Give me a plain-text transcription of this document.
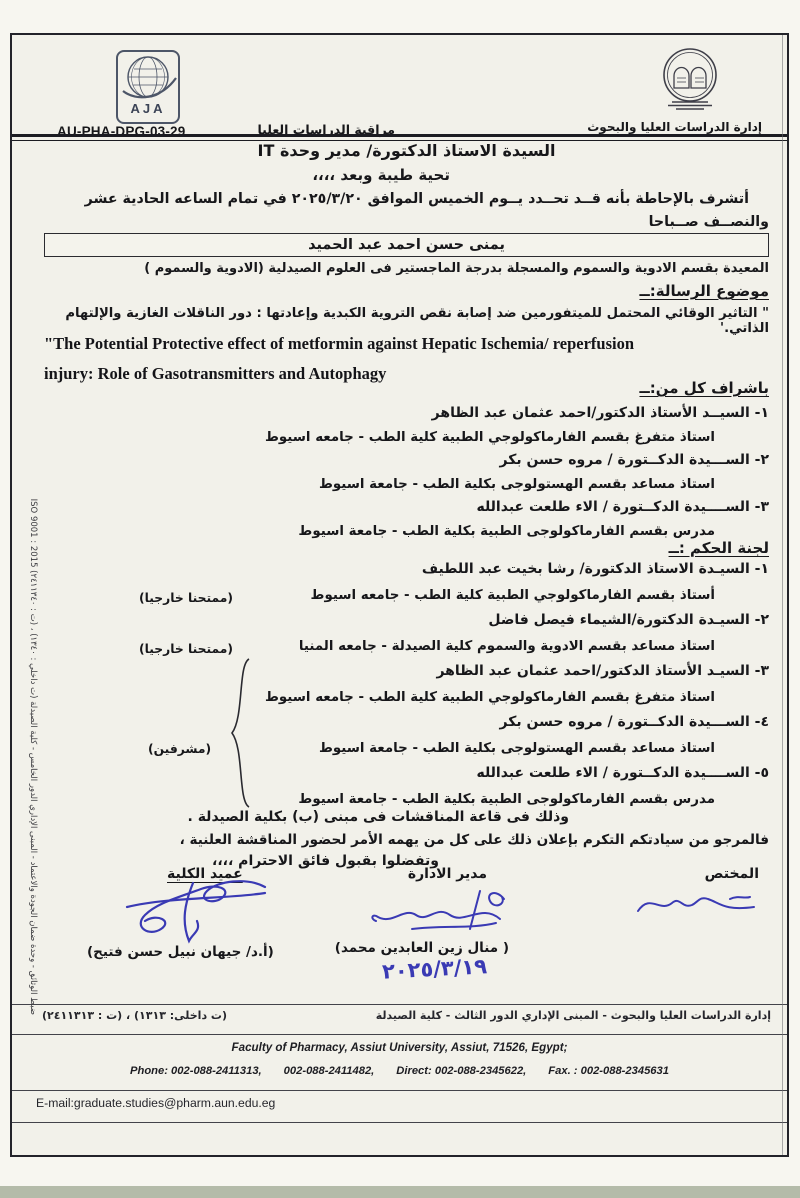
إدارة الدراسات العليا والبحوث
مراقبة الدراسات العليا
AJA
AU-PHA-DPG-03-29
السيدة الاستاذ الدكتورة/ مدير وحدة IT
تحية طيبة وبعد ،،،،
أتشرف بالإحاطة بأنه قــد تحــدد يــوم الخميس الموافق ٢٠٢٥/٣/٢٠ في تمام الساعه الحادية عشر والنصــف صــباحا
يمنى حسن احمد عبد الحميد
المعيدة بقسم الادوية والسموم والمسجلة بدرجة الماجستير فى العلوم الصيدلية (الادوية والسموم )
موضوع الرسالة:ــ
" التاثير الوقائي المحتمل للميتفورمين ضد إصابة نقص التروية الكبدية وإعادتها : دور الناقلات الغازية والإلتهام الذاتي.'
"The Potential Protective effect of metformin against Hepatic Ischemia/ reperfusion
injury: Role of Gasotransmitters and Autophagy
باشراف كل من:ــ
١- السيــد الأستاذ الدكتور/احمد عثمان عبد الظاهر
استاذ متفرغ بقسم الفارماكولوجي الطبية كلية الطب - جامعه اسيوط
٢- الســـيدة الدكــتورة / مروه حسن بكر
استاذ مساعد بقسم الهستولوجى بكلية الطب - جامعة اسيوط
٣- الســــيدة الدكــتورة / الاء طلعت عبدالله
مدرس بقسم الفارماكولوجى الطبية بكلية الطب - جامعة اسيوط
لجنة الحكم :ــ
١- السيـدة الاستاذ الدكتورة/ رشا بخيت عبد اللطيف
أستاذ بقسم الفارماكولوجي الطبية كلية الطب - جامعه اسيوط
٢- السيـدة الدكتورة/الشيماء فيصل فاضل
استاذ مساعد بقسم الادوية والسموم كلية الصيدلة - جامعه المنيا
٣- السيـد الأستاذ الدكتور/احمد عثمان عبد الظاهر
استاذ متفرغ بقسم الفارماكولوجي الطبية كلية الطب - جامعه اسيوط
٤- الســـيدة الدكــتورة / مروه حسن بكر
استاذ مساعد بقسم الهستولوجى بكلية الطب - جامعة اسيوط
٥- الســــيدة الدكــتورة / الاء طلعت عبدالله
مدرس بقسم الفارماكولوجى الطبية بكلية الطب - جامعة اسيوط
(ممتحنا خارجيا)
(ممتحنا خارجيا)
(مشرفين)
وذلك فى قاعة المناقشات فى مبنى (ب) بكلية الصيدلة .
فالمرجو من سيادتكم التكرم بإعلان ذلك على كل من يهمه الأمر لحضور المناقشة العلنية ،
وتفضلوا بقبول فائق الاحترام ،،،،
المختص
مدير الادارة
عميد الكلية
( منال زين العابدين محمد)
٢٠٢٥/٣/١٩
(أ.د/ جيهان نبيل حسن فتيح)
إدارة الدراسات العليا والبحوث - المبنى الإداري الدور الثالث - كلية الصيدلة
(ت داخلى: ١٣١٣) ، (ت : ٢٤١١٣١٣)
Faculty of Pharmacy, Assiut University, Assiut, 71526, Egypt;
Phone: 002-088-2411313, 002-088-2411482, Direct: 002-088-2345622, Fax. : 002-088-2345631
E-mail:graduate.studies@pharm.aun.edu.eg
ضبط الوثائق - وحدة ضمان الجودة والاعتماد - المبنى الإداري الدور الخامس - كلية الصيدلة (ت داخلي : ١٣٤٠) ، (ت : ٢٤١١٣٤٠) ISO 9001 : 2015
